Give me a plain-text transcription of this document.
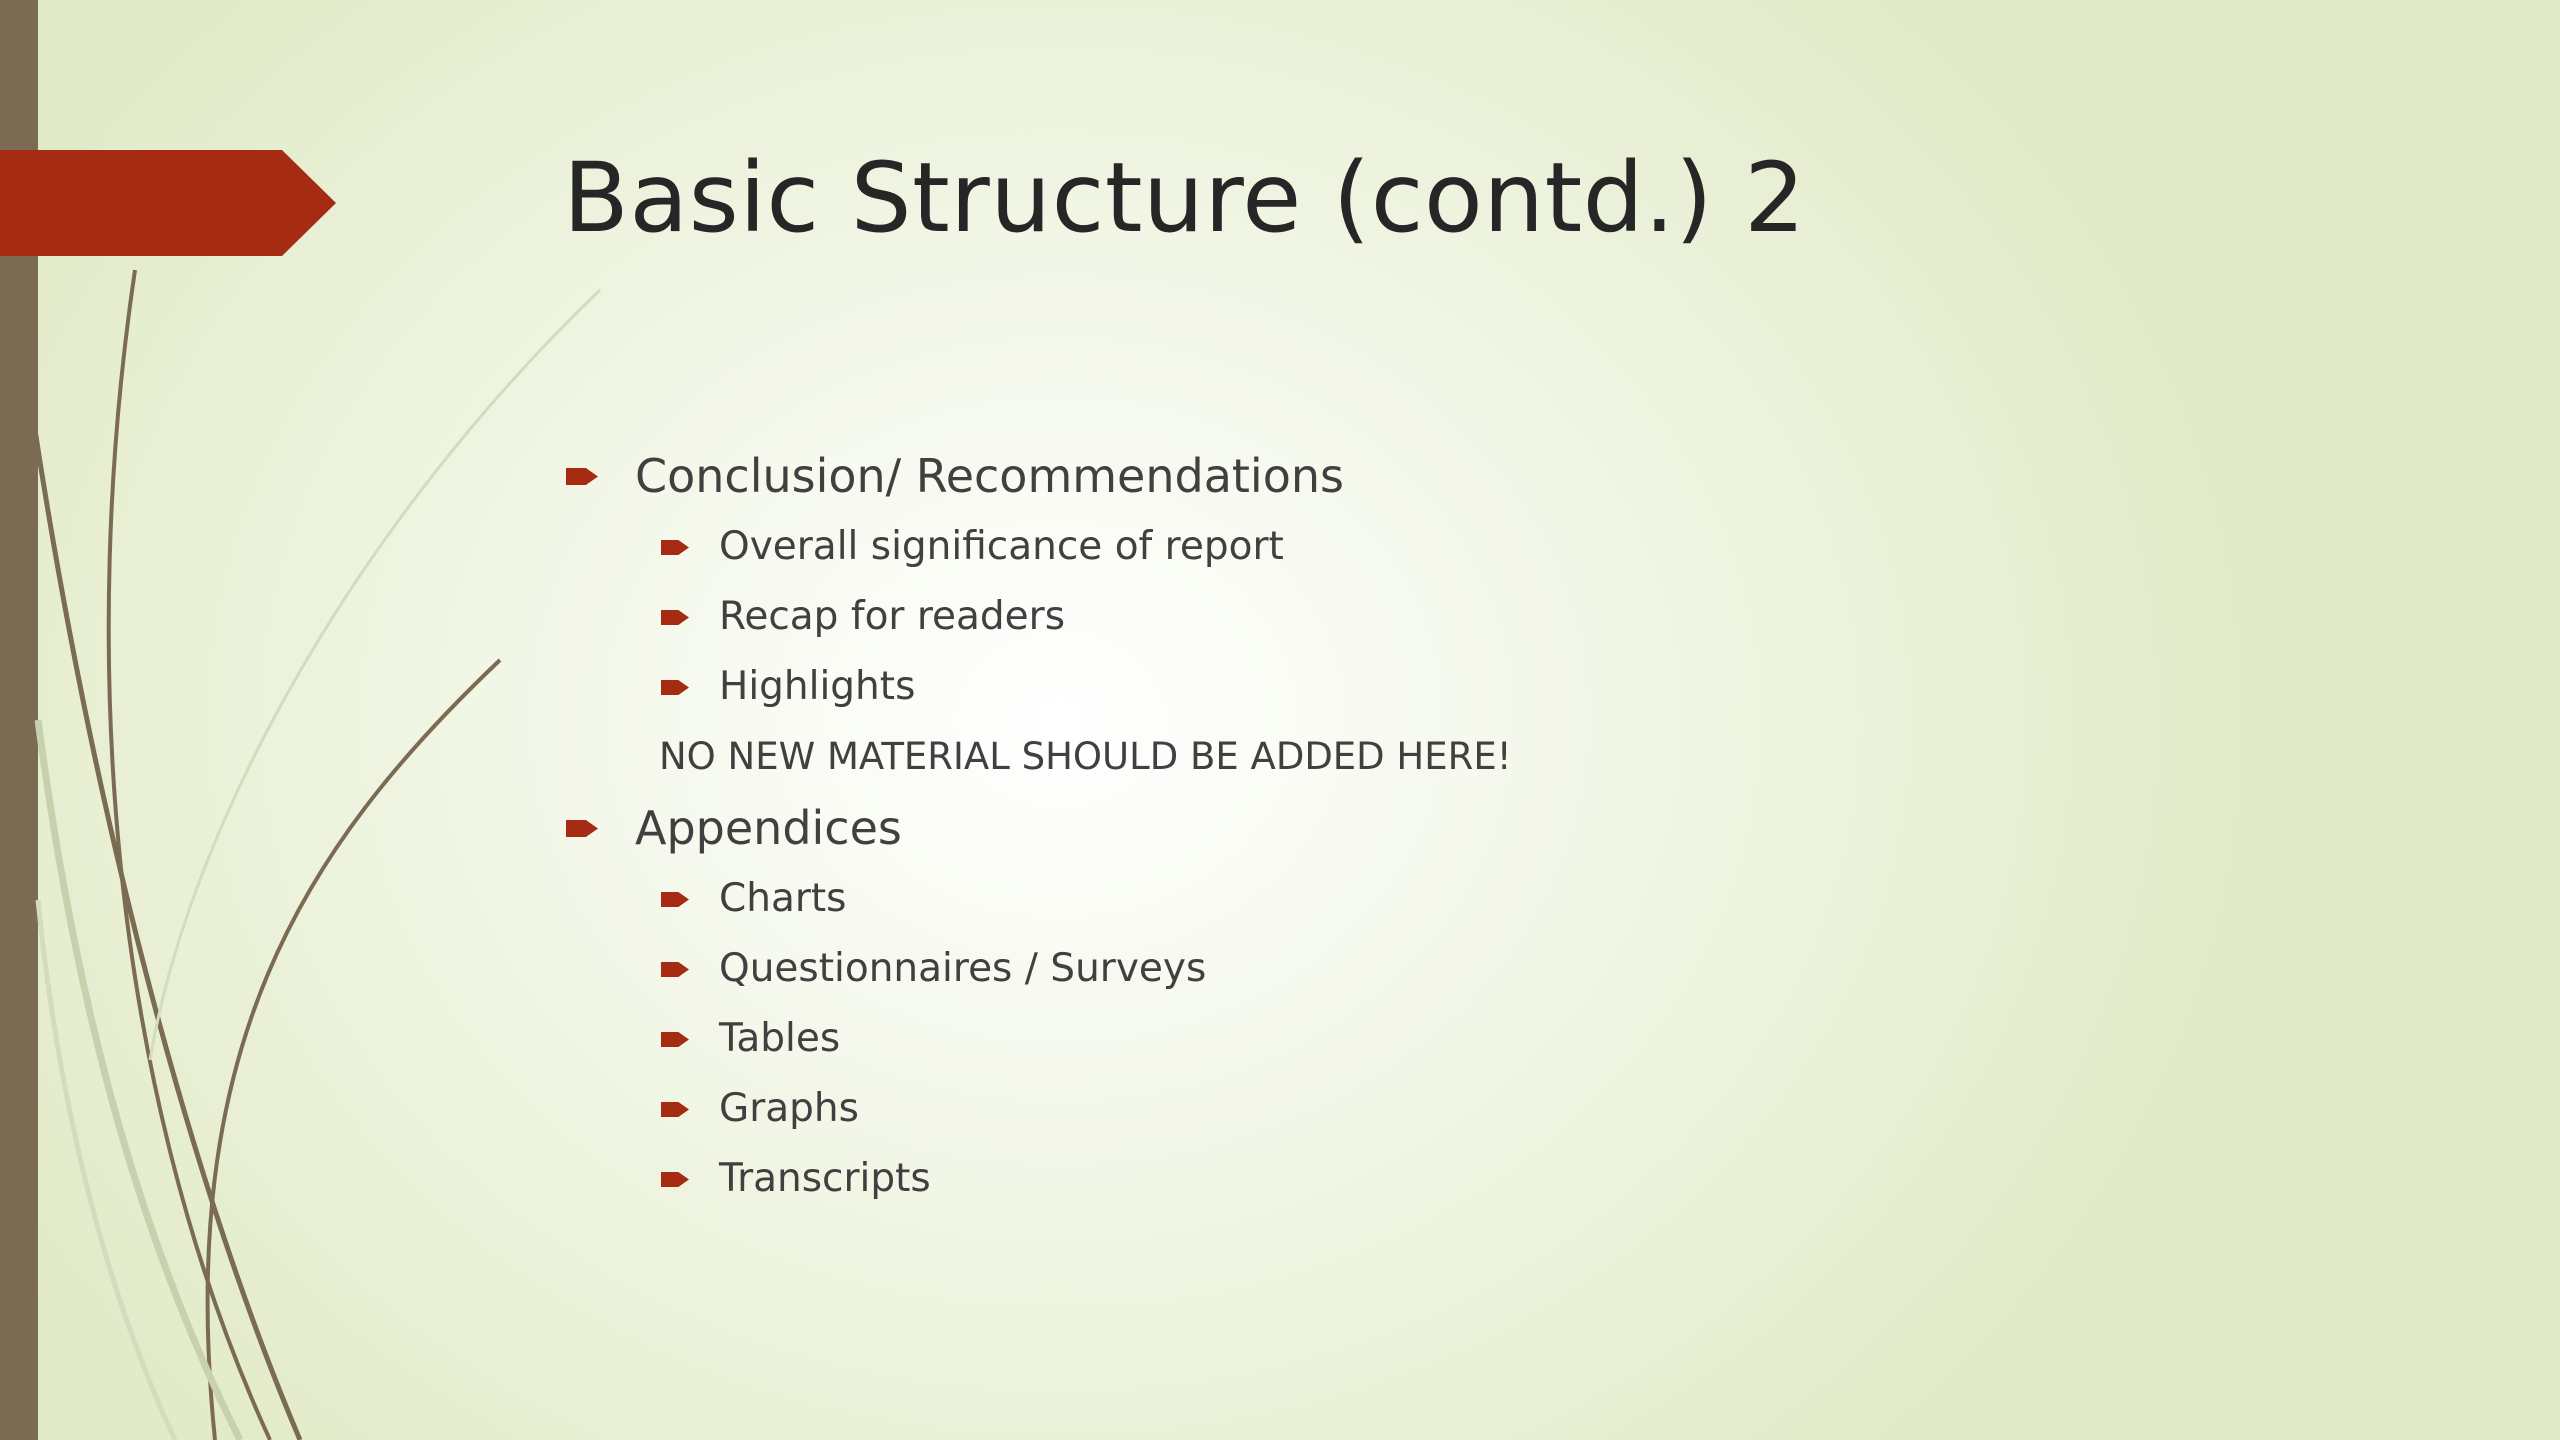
Basic Structure (contd.) 2
Conclusion/ Recommendations
Overall significance of report
Recap for readers
Highlights
NO NEW MATERIAL SHOULD BE ADDED HERE!
Appendices
Charts
Questionnaires / Surveys
Tables
Graphs
Transcripts
